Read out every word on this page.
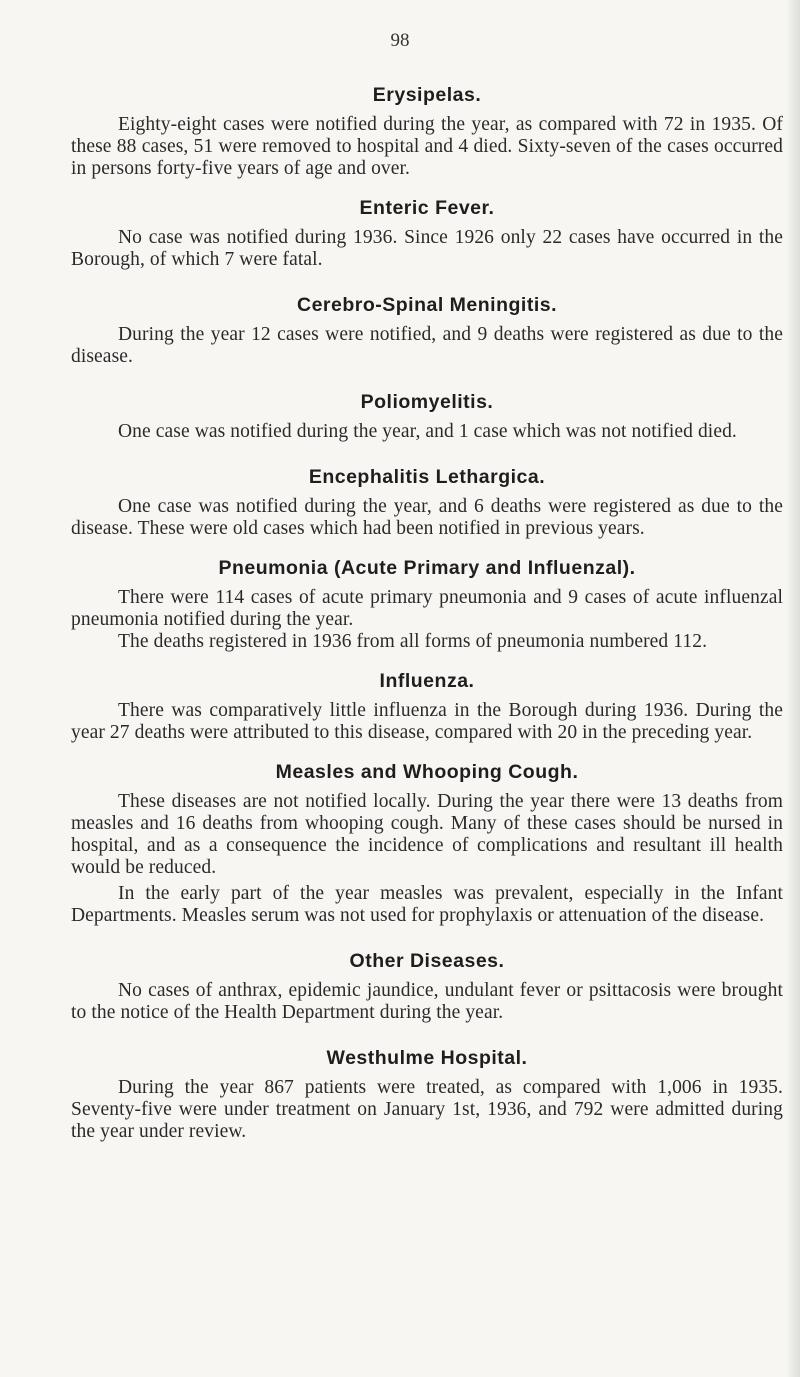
98
Erysipelas.

Eighty-eight cases were notified during the year, as compared with 72 in 1935. Of these 88 cases, 51 were removed to hospital and 4 died. Sixty-seven of the cases occurred in persons forty-five years of age and over.

Enteric Fever.

No case was notified during 1936. Since 1926 only 22 cases have occurred in the Borough, of which 7 were fatal.

Cerebro-Spinal Meningitis.

During the year 12 cases were notified, and 9 deaths were registered as due to the disease.

Poliomyelitis.

One case was notified during the year, and 1 case which was not notified died.

Encephalitis Lethargica.

One case was notified during the year, and 6 deaths were registered as due to the disease. These were old cases which had been notified in previous years.

Pneumonia (Acute Primary and Influenzal).

There were 114 cases of acute primary pneumonia and 9 cases of acute influenzal pneumonia notified during the year.

The deaths registered in 1936 from all forms of pneumonia numbered 112.

Influenza.

There was comparatively little influenza in the Borough during 1936. During the year 27 deaths were attributed to this disease, compared with 20 in the preceding year.

Measles and Whooping Cough.

These diseases are not notified locally. During the year there were 13 deaths from measles and 16 deaths from whooping cough. Many of these cases should be nursed in hospital, and as a consequence the incidence of complications and resultant ill health would be reduced.

In the early part of the year measles was prevalent, especially in the Infant Departments. Measles serum was not used for prophylaxis or attenuation of the disease.

Other Diseases.

No cases of anthrax, epidemic jaundice, undulant fever or psittacosis were brought to the notice of the Health Department during the year.

Westhulme Hospital.

During the year 867 patients were treated, as compared with 1,006 in 1935. Seventy-five were under treatment on January 1st, 1936, and 792 were admitted during the year under review.
